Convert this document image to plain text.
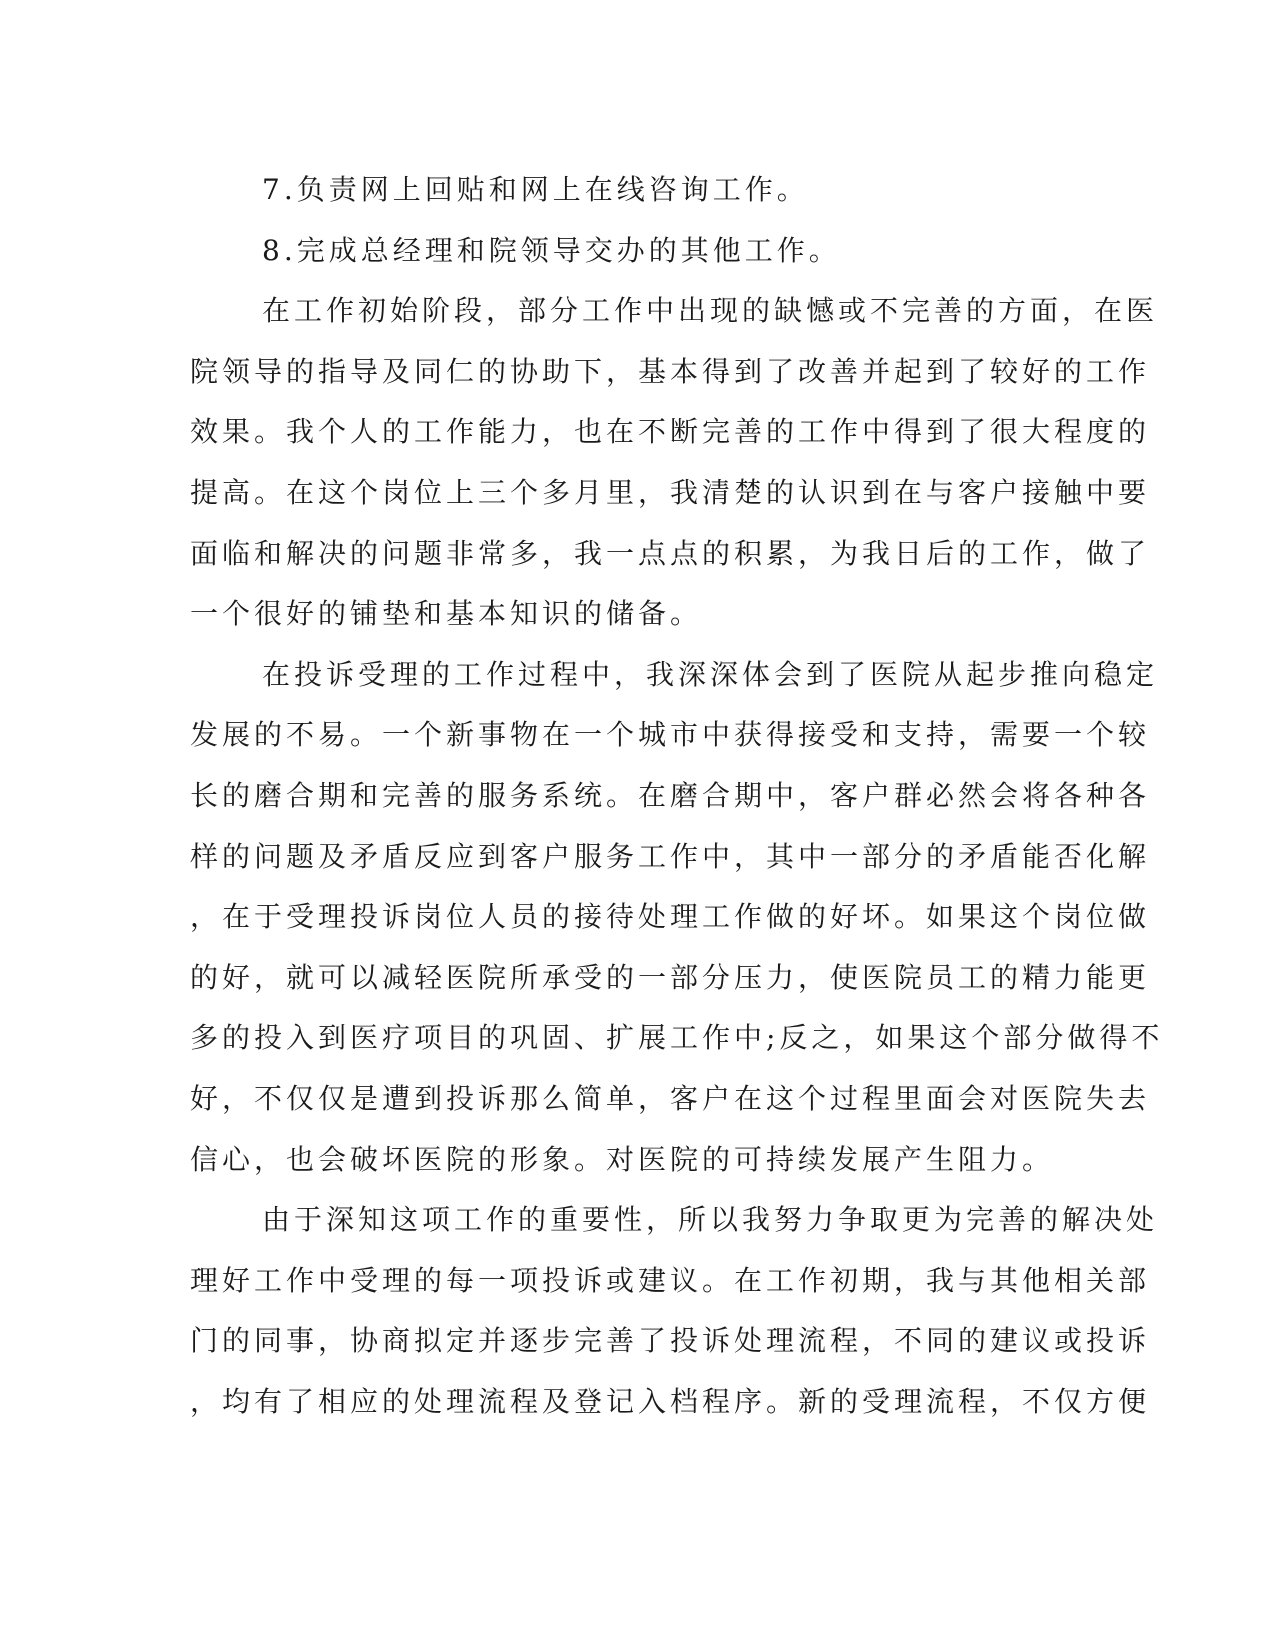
7.负责网上回贴和网上在线咨询工作。
8.完成总经理和院领导交办的其他工作。
在工作初始阶段，部分工作中出现的缺憾或不完善的方面，在医
院领导的指导及同仁的协助下，基本得到了改善并起到了较好的工作
效果。我个人的工作能力，也在不断完善的工作中得到了很大程度的
提高。在这个岗位上三个多月里，我清楚的认识到在与客户接触中要
面临和解决的问题非常多，我一点点的积累，为我日后的工作，做了
一个很好的铺垫和基本知识的储备。
在投诉受理的工作过程中，我深深体会到了医院从起步推向稳定
发展的不易。一个新事物在一个城市中获得接受和支持，需要一个较
长的磨合期和完善的服务系统。在磨合期中，客户群必然会将各种各
样的问题及矛盾反应到客户服务工作中，其中一部分的矛盾能否化解
，在于受理投诉岗位人员的接待处理工作做的好坏。如果这个岗位做
的好，就可以减轻医院所承受的一部分压力，使医院员工的精力能更
多的投入到医疗项目的巩固、扩展工作中;反之，如果这个部分做得不
好，不仅仅是遭到投诉那么简单，客户在这个过程里面会对医院失去
信心，也会破坏医院的形象。对医院的可持续发展产生阻力。
由于深知这项工作的重要性，所以我努力争取更为完善的解决处
理好工作中受理的每一项投诉或建议。在工作初期，我与其他相关部
门的同事，协商拟定并逐步完善了投诉处理流程，不同的建议或投诉
，均有了相应的处理流程及登记入档程序。新的受理流程，不仅方便
